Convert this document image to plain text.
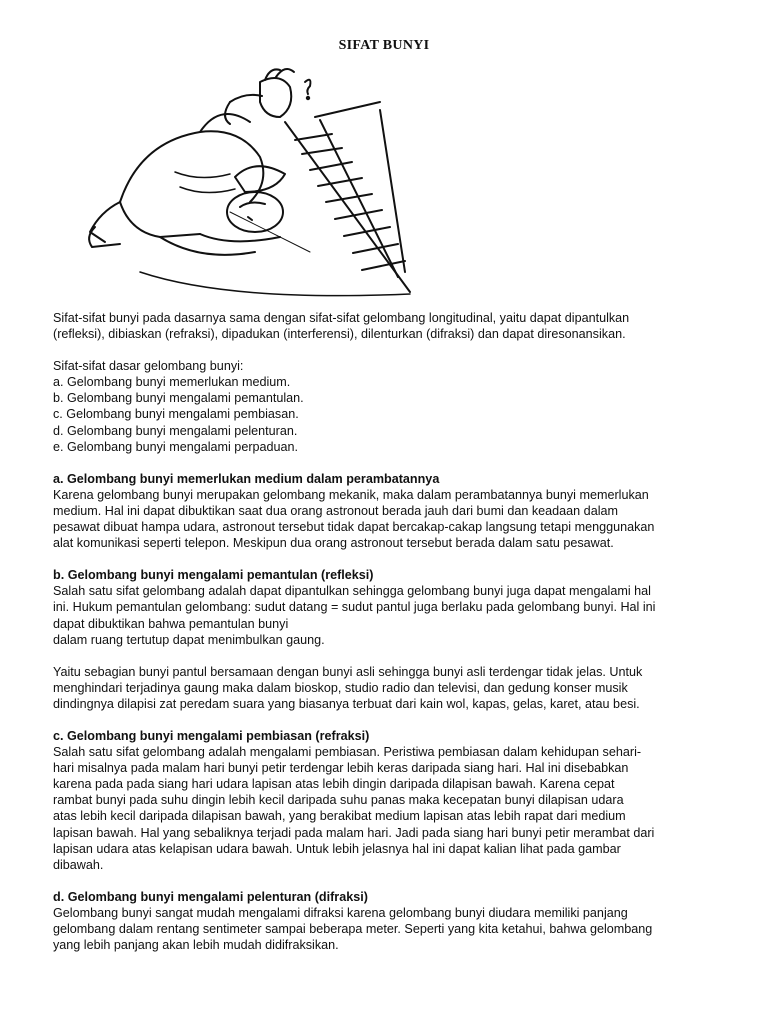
SIFAT BUNYI

Sifat-sifat bunyi pada dasarnya sama dengan sifat-sifat gelombang longitudinal, yaitu dapat dipantulkan
(refleksi), dibiaskan (refraksi), dipadukan (interferensi), dilenturkan (difraksi) dan dapat diresonansikan.

Sifat-sifat dasar gelombang bunyi:
a. Gelombang bunyi memerlukan medium.
b. Gelombang bunyi mengalami pemantulan.
c. Gelombang bunyi mengalami pembiasan.
d. Gelombang bunyi mengalami pelenturan.
e. Gelombang bunyi mengalami perpaduan.

a. Gelombang bunyi memerlukan medium dalam perambatannya
Karena gelombang bunyi merupakan gelombang mekanik, maka dalam perambatannya bunyi memerlukan
medium. Hal ini dapat dibuktikan saat dua orang astronout berada jauh dari bumi dan keadaan dalam
pesawat dibuat hampa udara, astronout tersebut tidak dapat bercakap-cakap langsung tetapi menggunakan
alat komunikasi seperti telepon. Meskipun dua orang astronout tersebut berada dalam satu pesawat.

b. Gelombang bunyi mengalami pemantulan (refleksi)
Salah satu sifat gelombang adalah dapat dipantulkan sehingga gelombang bunyi juga dapat mengalami hal
ini. Hukum pemantulan gelombang: sudut datang = sudut pantul juga berlaku pada gelombang bunyi. Hal ini
dapat dibuktikan bahwa pemantulan bunyi
dalam ruang tertutup dapat menimbulkan gaung.

Yaitu sebagian bunyi pantul bersamaan dengan bunyi asli sehingga bunyi asli terdengar tidak jelas. Untuk
menghindari terjadinya gaung maka dalam bioskop, studio radio dan televisi, dan gedung konser musik
dindingnya dilapisi zat peredam suara yang biasanya terbuat dari kain wol, kapas, gelas, karet, atau besi.

c. Gelombang bunyi mengalami pembiasan (refraksi)
Salah satu sifat gelombang adalah mengalami pembiasan. Peristiwa pembiasan dalam kehidupan sehari-
hari misalnya pada malam hari bunyi petir terdengar lebih keras daripada siang hari. Hal ini disebabkan
karena pada pada siang hari udara lapisan atas lebih dingin daripada dilapisan bawah. Karena cepat
rambat bunyi pada suhu dingin lebih kecil daripada suhu panas maka kecepatan bunyi dilapisan udara
atas lebih kecil daripada dilapisan bawah, yang berakibat medium lapisan atas lebih rapat dari medium
lapisan bawah. Hal yang sebaliknya terjadi pada malam hari. Jadi pada siang hari bunyi petir merambat dari
lapisan udara atas kelapisan udara bawah. Untuk lebih jelasnya hal ini dapat kalian lihat pada gambar
dibawah.

d. Gelombang bunyi mengalami pelenturan (difraksi)
Gelombang bunyi sangat mudah mengalami difraksi karena gelombang bunyi diudara memiliki panjang
gelombang dalam rentang sentimeter sampai beberapa meter. Seperti yang kita ketahui, bahwa gelombang
yang lebih panjang akan lebih mudah didifraksikan.
